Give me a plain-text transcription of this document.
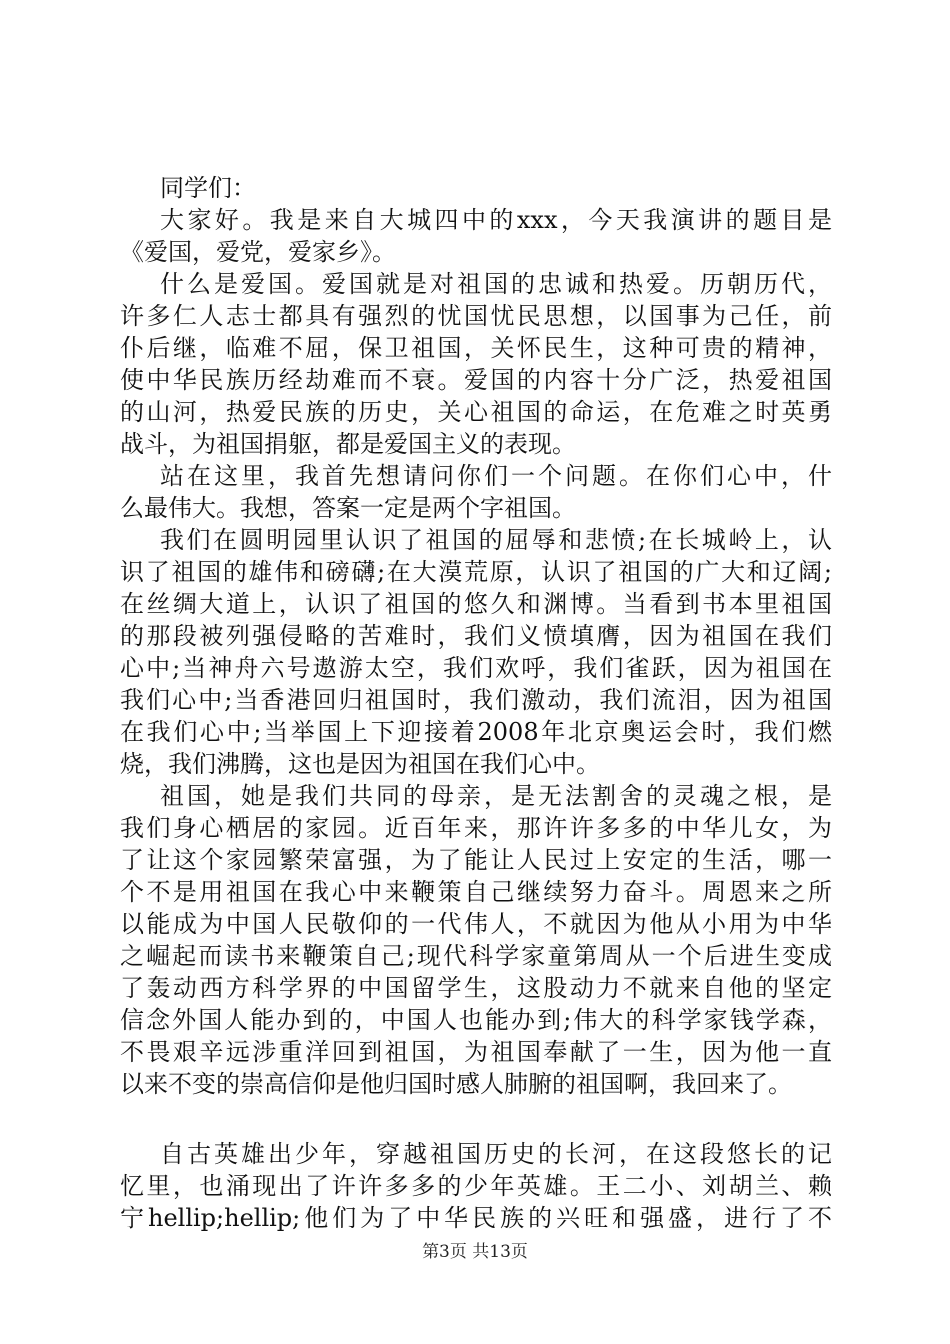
同学们：
大家好。我是来自大城四中的xxx，今天我演讲的题目是
《爱国，爱党，爱家乡》。
什么是爱国。爱国就是对祖国的忠诚和热爱。历朝历代，
许多仁人志士都具有强烈的忧国忧民思想，以国事为己任，前
仆后继，临难不屈，保卫祖国，关怀民生，这种可贵的精神，
使中华民族历经劫难而不衰。爱国的内容十分广泛，热爱祖国
的山河，热爱民族的历史，关心祖国的命运，在危难之时英勇
战斗，为祖国捐躯，都是爱国主义的表现。
站在这里，我首先想请问你们一个问题。在你们心中，什
么最伟大。我想，答案一定是两个字祖国。
我们在圆明园里认识了祖国的屈辱和悲愤;在长城岭上，认
识了祖国的雄伟和磅礴;在大漠荒原，认识了祖国的广大和辽阔;
在丝绸大道上，认识了祖国的悠久和渊博。当看到书本里祖国
的那段被列强侵略的苦难时，我们义愤填膺，因为祖国在我们
心中;当神舟六号遨游太空，我们欢呼，我们雀跃，因为祖国在
我们心中;当香港回归祖国时，我们激动，我们流泪，因为祖国
在我们心中;当举国上下迎接着2008年北京奥运会时，我们燃
烧，我们沸腾，这也是因为祖国在我们心中。
祖国，她是我们共同的母亲，是无法割舍的灵魂之根，是
我们身心栖居的家园。近百年来，那许许多多的中华儿女，为
了让这个家园繁荣富强，为了能让人民过上安定的生活，哪一
个不是用祖国在我心中来鞭策自己继续努力奋斗。周恩来之所
以能成为中国人民敬仰的一代伟人，不就因为他从小用为中华
之崛起而读书来鞭策自己;现代科学家童第周从一个后进生变成
了轰动西方科学界的中国留学生，这股动力不就来自他的坚定
信念外国人能办到的，中国人也能办到;伟大的科学家钱学森，
不畏艰辛远涉重洋回到祖国，为祖国奉献了一生，因为他一直
以来不变的崇高信仰是他归国时感人肺腑的祖国啊，我回来了。
自古英雄出少年，穿越祖国历史的长河，在这段悠长的记
忆里，也涌现出了许许多多的少年英雄。王二小、刘胡兰、赖
宁hellip;hellip;他们为了中华民族的兴旺和强盛，进行了不
第3页 共13页
